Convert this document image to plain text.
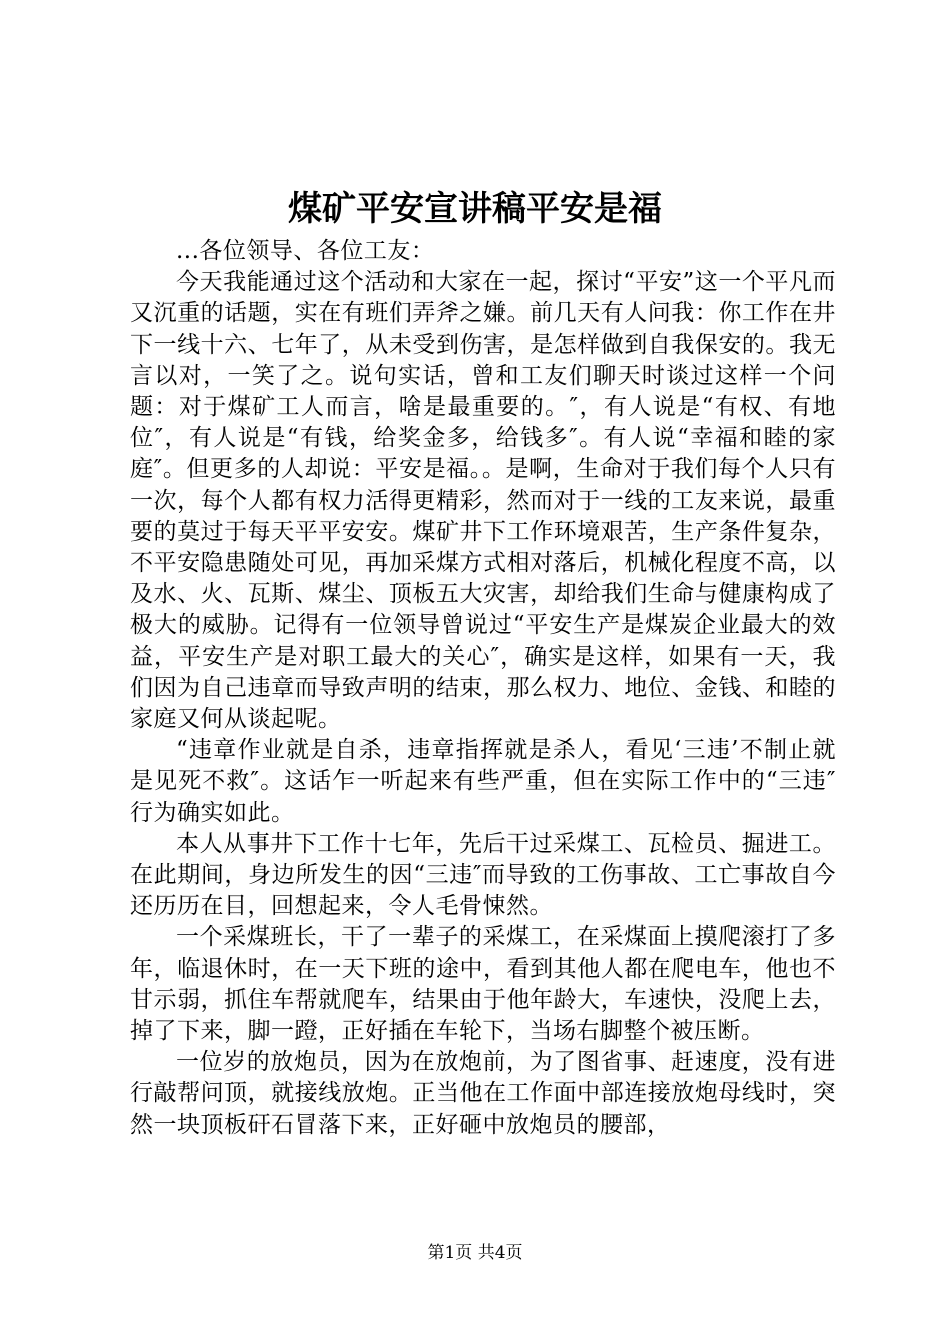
煤矿平安宣讲稿平安是福

...各位领导、各位工友：

今天我能通过这个活动和大家在一起，探讨“平安”这一个平凡而又沉重的话题，实在有班们弄斧之嫌。前几天有人问我：你工作在井下一线十六、七年了，从未受到伤害，是怎样做到自我保安的。我无言以对，一笑了之。说句实话，曾和工友们聊天时谈过这样一个问题：对于煤矿工人而言，啥是最重要的。″，有人说是“有权、有地位″，有人说是“有钱，给奖金多，给钱多″。有人说“幸福和睦的家庭″。但更多的人却说：平安是福。。是啊，生命对于我们每个人只有一次，每个人都有权力活得更精彩，然而对于一线的工友来说，最重要的莫过于每天平平安安。煤矿井下工作环境艰苦，生产条件复杂，不平安隐患随处可见，再加采煤方式相对落后，机械化程度不高，以及水、火、瓦斯、煤尘、顶板五大灾害，却给我们生命与健康构成了极大的威胁。记得有一位领导曾说过“平安生产是煤炭企业最大的效益，平安生产是对职工最大的关心″，确实是这样，如果有一天，我们因为自己违章而导致声明的结束，那么权力、地位、金钱、和睦的家庭又何从谈起呢。

“违章作业就是自杀，违章指挥就是杀人，看见‘三违’不制止就是见死不救″。这话乍一听起来有些严重，但在实际工作中的“三违″行为确实如此。

本人从事井下工作十七年，先后干过采煤工、瓦检员、掘进工。在此期间，身边所发生的因“三违″而导致的工伤事故、工亡事故自今还历历在目，回想起来，令人毛骨悚然。

一个采煤班长，干了一辈子的采煤工，在采煤面上摸爬滚打了多年，临退休时，在一天下班的途中，看到其他人都在爬电车，他也不甘示弱，抓住车帮就爬车，结果由于他年龄大，车速快，没爬上去，掉了下来，脚一蹬，正好插在车轮下，当场右脚整个被压断。

一位岁的放炮员，因为在放炮前，为了图省事、赶速度，没有进行敲帮问顶，就接线放炮。正当他在工作面中部连接放炮母线时，突然一块顶板矸石冒落下来，正好砸中放炮员的腰部，

第1页 共4页
